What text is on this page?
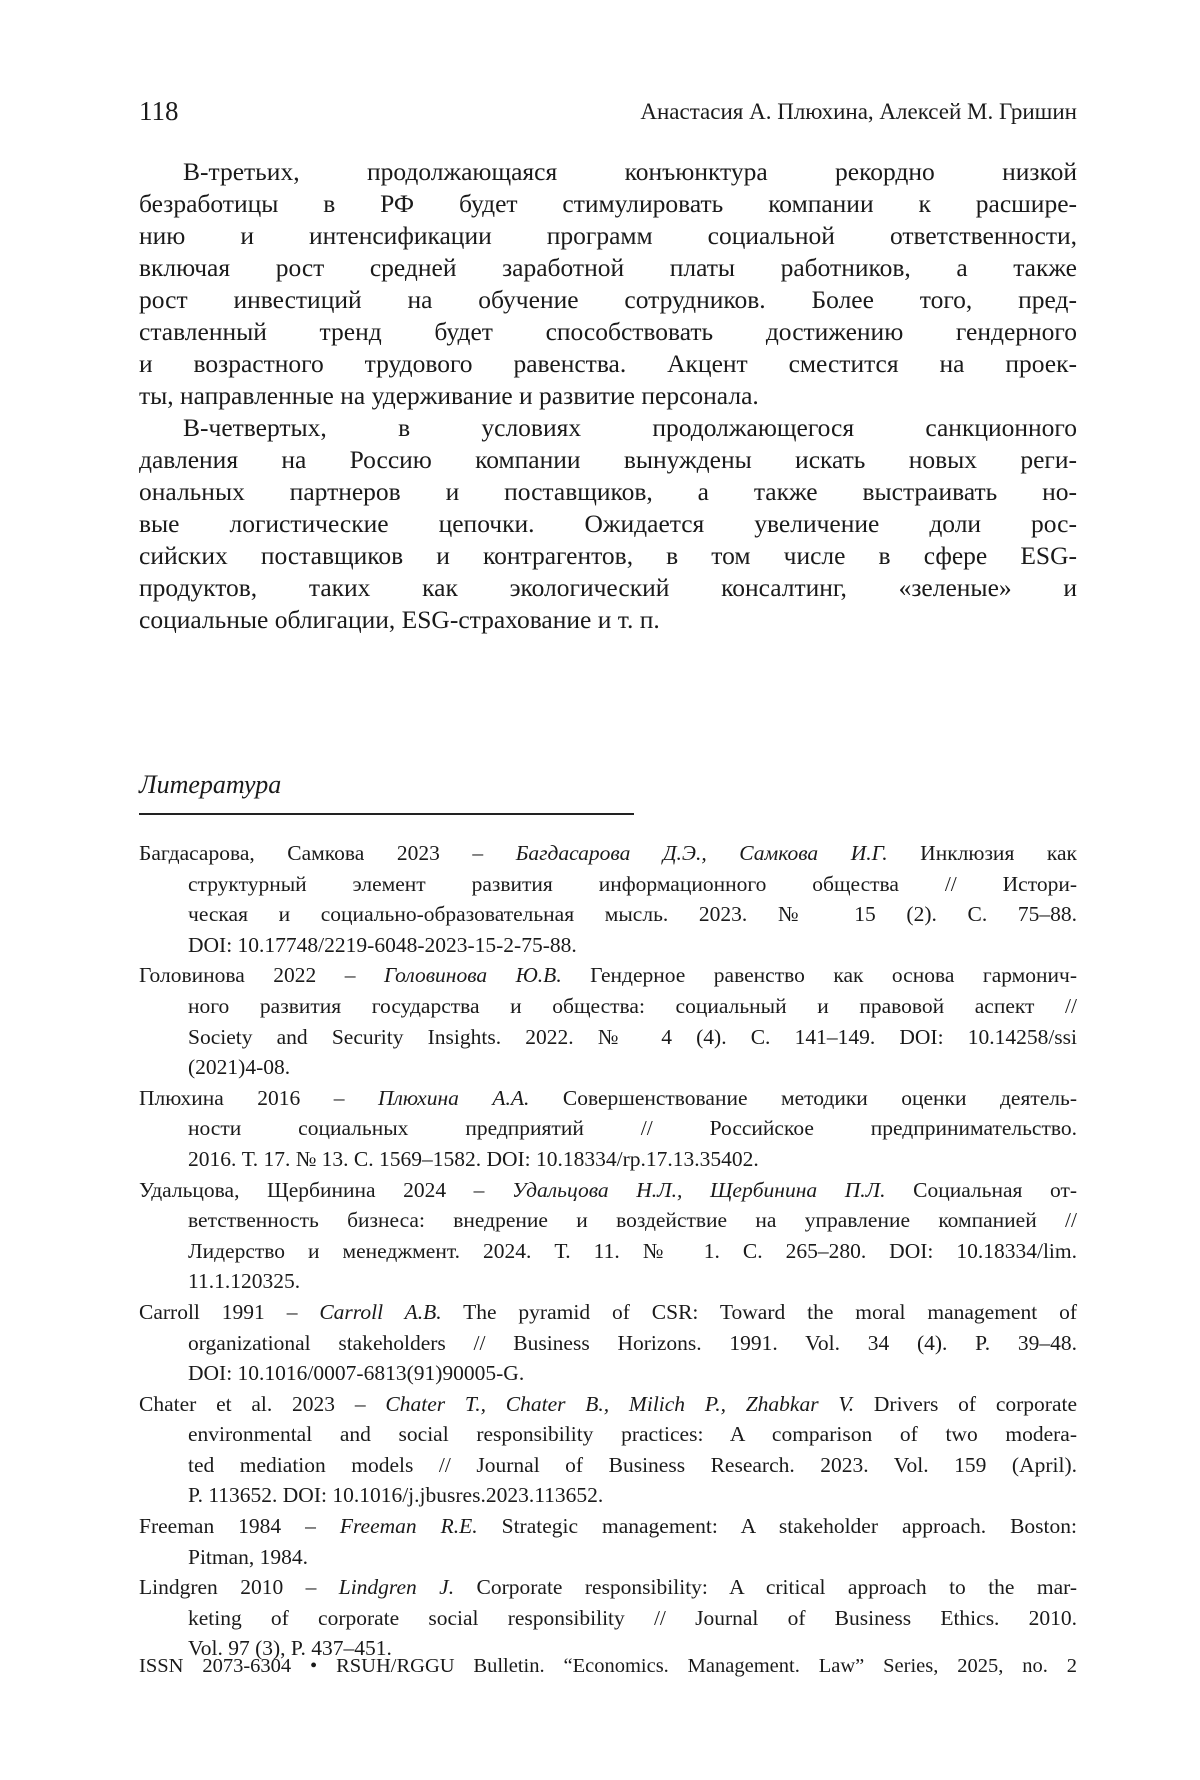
118	Анастасия А. Плюхина, Алексей М. Гришин
В-третьих, продолжающаяся конъюнктура рекордно низкой
безработицы в РФ будет стимулировать компании к расшире-
нию и интенсификации программ социальной ответственности,
включая рост средней заработной платы работников, а также
рост инвестиций на обучение сотрудников. Более того, пред-
ставленный тренд будет способствовать достижению гендерного
и возрастного трудового равенства. Акцент сместится на проек-
ты, направленные на удерживание и развитие персонала.
В-четвертых, в условиях продолжающегося санкционного
давления на Россию компании вынуждены искать новых реги-
ональных партнеров и поставщиков, а также выстраивать но-
вые логистические цепочки. Ожидается увеличение доли рос-
сийских поставщиков и контрагентов, в том числе в сфере ESG-
продуктов, таких как экологический консалтинг, «зеленые» и
социальные облигации, ESG-страхование и т. п.
Литература
Багдасарова, Самкова 2023 – Багдасарова Д.Э., Самкова И.Г. Инклюзия как
структурный элемент развития информационного общества // Истори-
ческая и социально-образовательная мысль. 2023. № 15 (2). С. 75–88.
DOI: 10.17748/2219-6048-2023-15-2-75-88.
Головинова 2022 – Головинова Ю.В. Гендерное равенство как основа гармонич-
ного развития государства и общества: социальный и правовой аспект //
Society and Security Insights. 2022. № 4 (4). С. 141–149. DOI: 10.14258/ssi
(2021)4-08.
Плюхина 2016 – Плюхина А.А. Совершенствование методики оценки деятель-
ности социальных предприятий // Российское предпринимательство.
2016. Т. 17. № 13. С. 1569–1582. DOI: 10.18334/rp.17.13.35402.
Удальцова, Щербинина 2024 – Удальцова Н.Л., Щербинина П.Л. Социальная от-
ветственность бизнеса: внедрение и воздействие на управление компанией //
Лидерство и менеджмент. 2024. Т. 11. № 1. С. 265–280. DOI: 10.18334/lim.
11.1.120325.
Carroll 1991 – Carroll A.B. The pyramid of CSR: Toward the moral management of
organizational stakeholders // Business Horizons. 1991. Vol. 34 (4). P. 39–48.
DOI: 10.1016/0007-6813(91)90005-G.
Chater et al. 2023 – Chater T., Chater B., Milich P., Zhabkar V. Drivers of corporate
environmental and social responsibility practices: A comparison of two modera-
ted mediation models // Journal of Business Research. 2023. Vol. 159 (April).
P. 113652. DOI: 10.1016/j.jbusres.2023.113652.
Freeman 1984 – Freeman R.E. Strategic management: A stakeholder approach. Boston:
Pitman, 1984.
Lindgren 2010 – Lindgren J. Corporate responsibility: A critical approach to the mar-
keting of corporate social responsibility // Journal of Business Ethics. 2010.
Vol. 97 (3), P. 437–451.
ISSN 2073-6304 • RSUH/RGGU Bulletin. “Economics. Management. Law” Series, 2025, no. 2
